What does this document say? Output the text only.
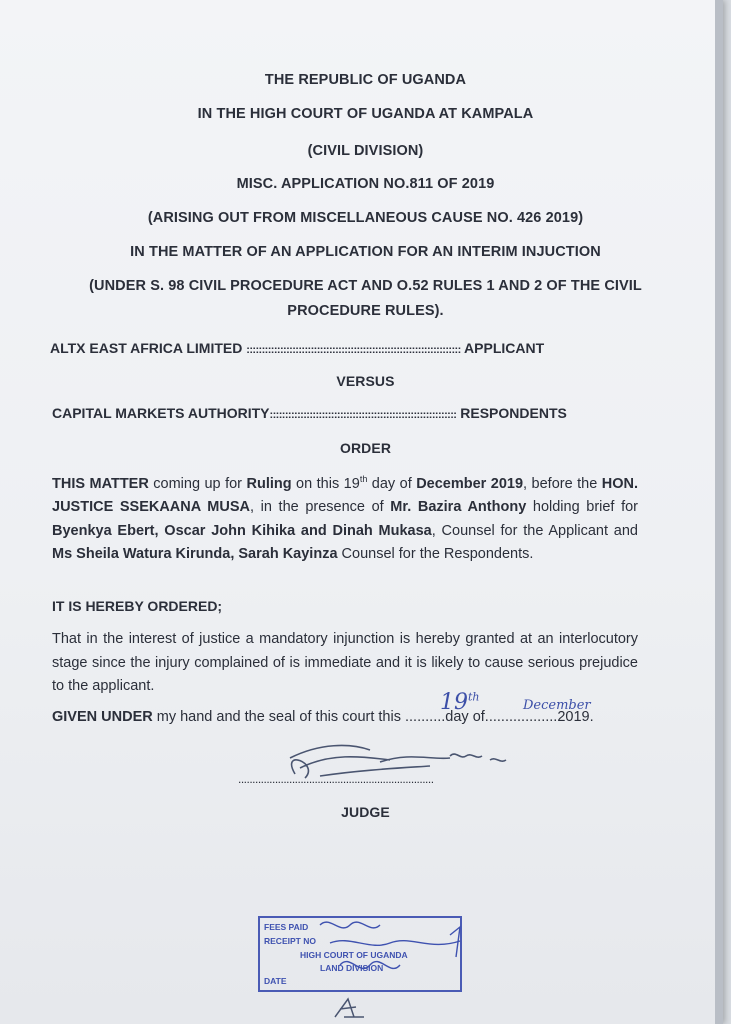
THE REPUBLIC OF UGANDA
IN THE HIGH COURT OF UGANDA AT KAMPALA
(CIVIL DIVISION)
MISC. APPLICATION NO.811 OF 2019
(ARISING OUT FROM MISCELLANEOUS CAUSE NO. 426 2019)
IN THE MATTER OF AN APPLICATION FOR AN INTERIM INJUCTION
(UNDER S. 98 CIVIL PROCEDURE ACT AND O.52 RULES 1 AND 2 OF THE CIVIL
PROCEDURE RULES).
ALTX EAST AFRICA LIMITED :::::::::::::::::::::::::::::::::::::::::::::::::::::::::::::::::::::: APPLICANT
VERSUS
CAPITAL MARKETS AUTHORITY::::::::::::::::::::::::::::::::::::::::::::::::::::::::::::: RESPONDENTS
ORDER
THIS MATTER coming up for Ruling on this 19th day of December 2019, before the HON. JUSTICE SSEKAANA MUSA, in the presence of Mr. Bazira Anthony holding brief for Byenkya Ebert, Oscar John Kihika and Dinah Mukasa, Counsel for the Applicant and Ms Sheila Watura Kirunda, Sarah Kayinza Counsel for the Respondents.
IT IS HEREBY ORDERED;
That in the interest of justice a mandatory injunction is hereby granted at an interlocutory stage since the injury complained of is immediate and it is likely to cause serious prejudice to the applicant.
GIVEN UNDER my hand and the seal of this court this ..........day of..................2019.
19th
December
.....................................................................
JUDGE
FEES PAID
RECEIPT NO
HIGH COURT OF UGANDA
LAND DIVISION
DATE
